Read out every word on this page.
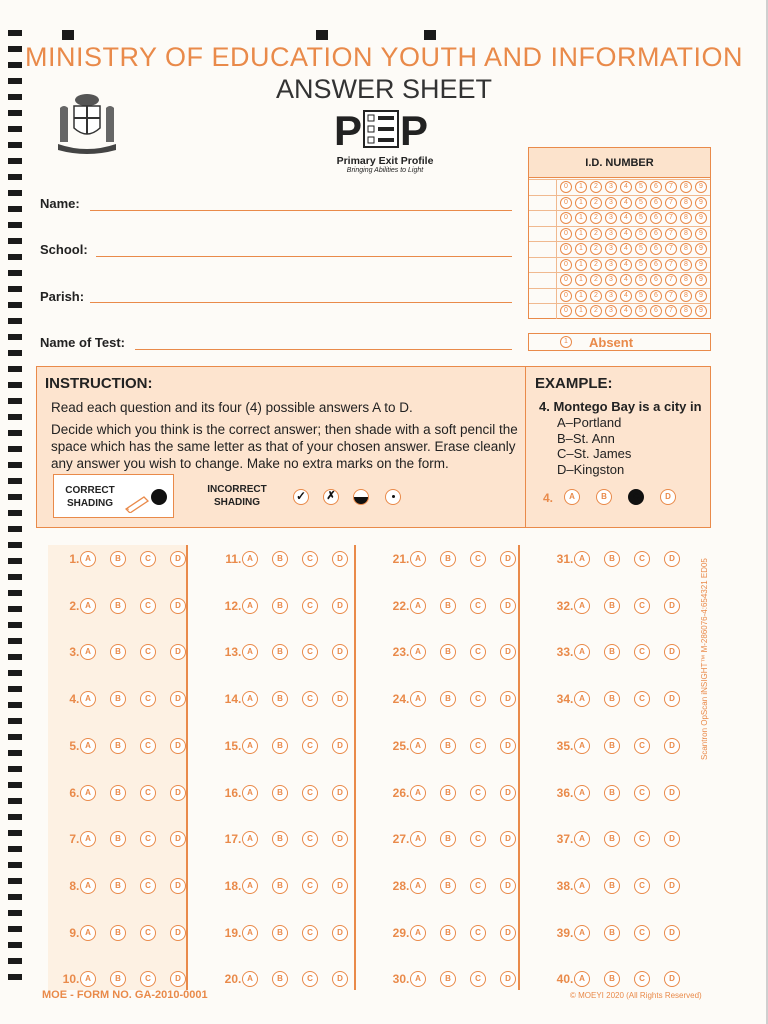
MINISTRY OF EDUCATION YOUTH AND INFORMATION
ANSWER SHEET
P P
Primary Exit Profile
Bringing Abilities to Light
Name:
School:
Parish:
Name of Test:
I.D. NUMBER
0	1	2	3	4	5	6	7	8	9
0	1	2	3	4	5	6	7	8	9
0	1	2	3	4	5	6	7	8	9
0	1	2	3	4	5	6	7	8	9
0	1	2	3	4	5	6	7	8	9
0	1	2	3	4	5	6	7	8	9
0	1	2	3	4	5	6	7	8	9
0	1	2	3	4	5	6	7	8	9
0	1	2	3	4	5	6	7	8	9
1	Absent
INSTRUCTION:

Read each question and its four (4) possible answers A to D.

Decide which you think is the correct answer; then shade with a soft pencil the space which has the same letter as that of your chosen answer. Erase cleanly any answer you wish to change. Make no extra marks on the form.

CORRECT
SHADING
INCORRECT
SHADING	✓	✗
EXAMPLE:
4. Montego Bay is a city in
A–Portland
B–St. Ann
C–St. James
D–Kingston
4.	A	B	C	D
1 . A	B	C	D
2 . A	B	C	D
3 . A	B	C	D
4 . A	B	C	D
5 . A	B	C	D
6 . A	B	C	D
7 . A	B	C	D
8 . A	B	C	D
9 . A	B	C	D
10 . A	B	C	D
11 . A	B	C	D
12 . A	B	C	D
13 . A	B	C	D
14 . A	B	C	D
15 . A	B	C	D
16 . A	B	C	D
17 . A	B	C	D
18 . A	B	C	D
19 . A	B	C	D
20 . A	B	C	D
21 . A	B	C	D
22 . A	B	C	D
23 . A	B	C	D
24 . A	B	C	D
25 . A	B	C	D
26 . A	B	C	D
27 . A	B	C	D
28 . A	B	C	D
29 . A	B	C	D
30 . A	B	C	D
31 . A	B	C	D
32 . A	B	C	D
33 . A	B	C	D
34 . A	B	C	D
35 . A	B	C	D
36 . A	B	C	D
37 . A	B	C	D
38 . A	B	C	D
39 . A	B	C	D
40 . A	B	C	D
Scantron OpScan iNSIGHT™ M-286076-4:654321 ED05
MOE - FORM NO. GA-2010-0001	© MOEYI 2020 (All Rights Reserved)
